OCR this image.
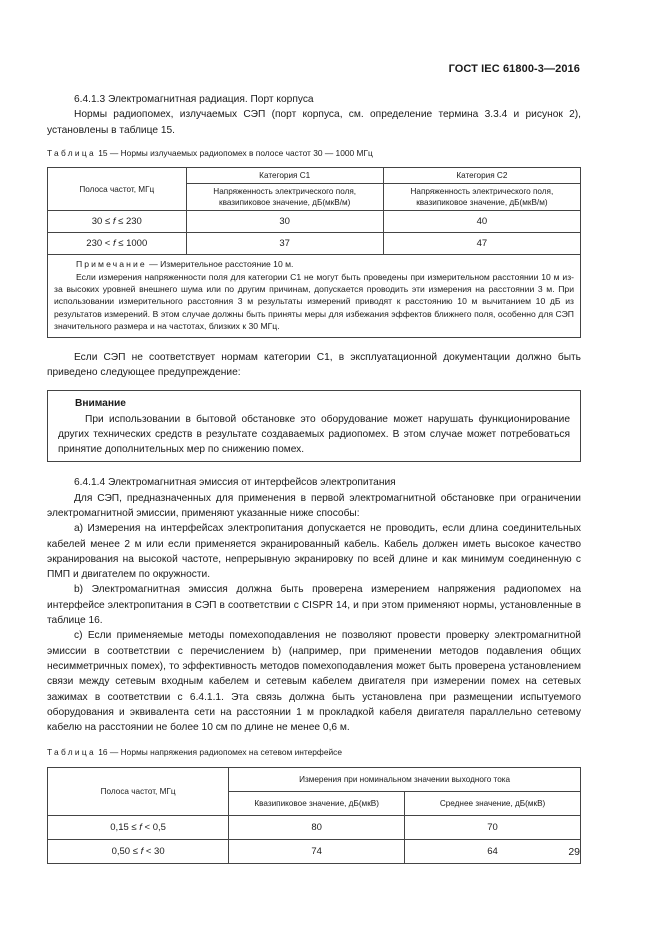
ГОСТ IEC 61800-3—2016

6.4.1.3 Электромагнитная радиация. Порт корпуса

Нормы радиопомех, излучаемых СЭП (порт корпуса, см. определение термина 3.3.4 и рисунок 2), установлены в таблице 15.

Таблица 15 — Нормы излучаемых радиопомех в полосе частот 30 — 1000 МГц
Полоса частот, МГц	Категория С1	Категория С2
	Напряженность электрического поля, квазипиковое значение, дБ(мкВ/м)	Напряженность электрического поля, квазипиковое значение, дБ(мкВ/м)
30 ≤ f ≤ 230	30	40
230 < f ≤ 1000	37	47

Примечание — Измерительное расстояние 10 м.

Если измерения напряженности поля для категории С1 не могут быть проведены при измерительном расстоянии 10 м из-за высоких уровней внешнего шума или по другим причинам, допускается проводить эти измерения на расстоянии 3 м. При использовании измерительного расстояния 3 м результаты измерений приводят к расстоянию 10 м вычитанием 10 дБ из результатов измерений. В этом случае должны быть приняты меры для избежания эффектов ближнего поля, особенно для СЭП значительного размера и на частотах, близких к 30 МГц.		

Если СЭП не соответствует нормам категории С1, в эксплуатационной документации должно быть приведено следующее предупреждение:

Внимание

При использовании в бытовой обстановке это оборудование может нарушать функционирование других технических средств в результате создаваемых радиопомех. В этом случае может потребоваться принятие дополнительных мер по снижению помех.

6.4.1.4 Электромагнитная эмиссия от интерфейсов электропитания

Для СЭП, предназначенных для применения в первой электромагнитной обстановке при ограничении электромагнитной эмиссии, применяют указанные ниже способы:

а) Измерения на интерфейсах электропитания допускается не проводить, если длина соединительных кабелей менее 2 м или если применяется экранированный кабель. Кабель должен иметь высокое качество экранирования на высокой частоте, непрерывную экранировку по всей длине и как минимум соединенную с ПМП и двигателем по окружности.

b) Электромагнитная эмиссия должна быть проверена измерением напряжения радиопомех на интерфейсе электропитания в СЭП в соответствии с CISPR 14, и при этом применяют нормы, установленные в таблице 16.

с) Если применяемые методы помехоподавления не позволяют провести проверку электромагнитной эмиссии в соответствии с перечислением b) (например, при применении методов подавления общих несимметричных помех), то эффективность методов помехоподавления может быть проверена установлением связи между сетевым входным кабелем и сетевым кабелем двигателя при измерении помех на сетевых зажимах в соответствии с 6.4.1.1. Эта связь должна быть установлена при размещении испытуемого оборудования и эквивалента сети на расстоянии 1 м прокладкой кабеля двигателя параллельно сетевому кабелю на расстоянии не более 10 см по длине не менее 0,6 м.

Таблица 16 — Нормы напряжения радиопомех на сетевом интерфейсе
Полоса частот, МГц	Измерения при номинальном значении выходного тока	
	Квазипиковое значение, дБ(мкВ)	Среднее значение, дБ(мкВ)
0,15 ≤ f < 0,5	80	70
0,50 ≤ f < 30	74	64	29
